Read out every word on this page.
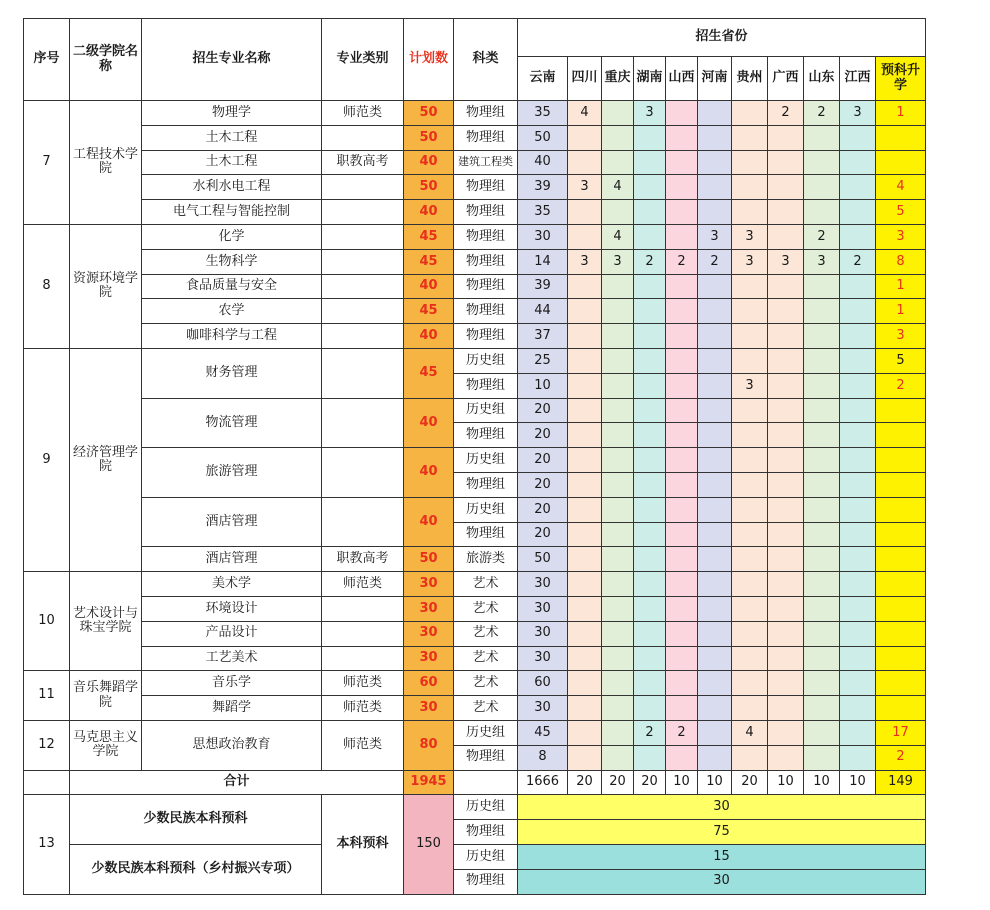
序号	二级学院名称	招生专业名称	专业类别	计划数	科类	招生省份										
						云南	四川	重庆	湖南	山西	河南	贵州	广西	山东	江西	预科升学
7	工程技术学院	物理学	师范类	50	物理组	35	4		3				2	2	3	1
		土木工程		50	物理组	50										
		土木工程	职教高考	40	建筑工程类	40										
		水利水电工程		50	物理组	39	3	4								4
		电气工程与智能控制		40	物理组	35										5
8	资源环境学院	化学		45	物理组	30		4			3	3		2		3
		生物科学		45	物理组	14	3	3	2	2	2	3	3	3	2	8
		食品质量与安全		40	物理组	39										1
		农学		45	物理组	44										1
		咖啡科学与工程		40	物理组	37										3
9	经济管理学院	财务管理		45	历史组	25										5
					物理组	10						3				2
		物流管理		40	历史组	20										
					物理组	20										
		旅游管理		40	历史组	20										
					物理组	20										
		酒店管理		40	历史组	20										
					物理组	20										
		酒店管理	职教高考	50	旅游类	50										
10	艺术设计与珠宝学院	美术学	师范类	30	艺术	30										
		环境设计		30	艺术	30										
		产品设计		30	艺术	30										
		工艺美术		30	艺术	30										
11	音乐舞蹈学院	音乐学	师范类	60	艺术	60										
		舞蹈学	师范类	30	艺术	30										
12	马克思主义学院	思想政治教育	师范类	80	历史组	45			2	2		4				17
					物理组	8										2
	合计			1945		1666	20	20	20	10	10	20	10	10	10	149
13	少数民族本科预科		本科预科	150	历史组	30										
					物理组	75										
	少数民族本科预科（乡村振兴专项）				历史组	15										
					物理组	30										
